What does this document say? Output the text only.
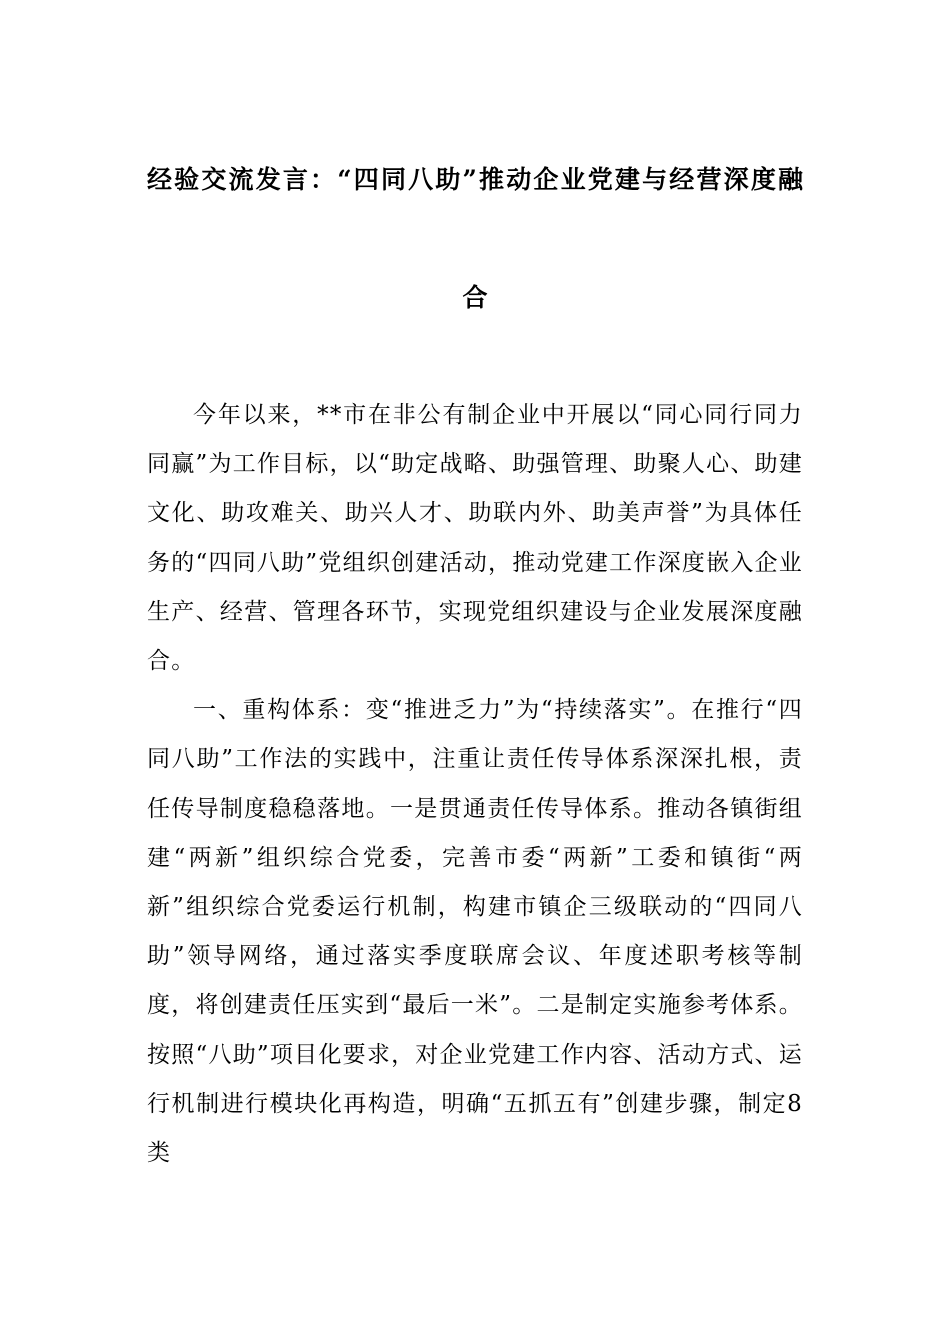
经验交流发言：“四同八助”推动企业党建与经营深度融
合

今年以来，**市在非公有制企业中开展以“同心同行同力同赢”为工作目标，以“助定战略、助强管理、助聚人心、助建文化、助攻难关、助兴人才、助联内外、助美声誉”为具体任务的“四同八助”党组织创建活动，推动党建工作深度嵌入企业生产、经营、管理各环节，实现党组织建设与企业发展深度融合。

一、重构体系：变“推进乏力”为“持续落实”。在推行“四同八助”工作法的实践中，注重让责任传导体系深深扎根，责任传导制度稳稳落地。一是贯通责任传导体系。推动各镇街组建“两新”组织综合党委，完善市委“两新”工委和镇街“两新”组织综合党委运行机制，构建市镇企三级联动的“四同八助”领导网络，通过落实季度联席会议、年度述职考核等制度，将创建责任压实到“最后一米”。二是制定实施参考体系。按照“八助”项目化要求，对企业党建工作内容、活动方式、运行机制进行模块化再构造，明确“五抓五有”创建步骤，制定8类
